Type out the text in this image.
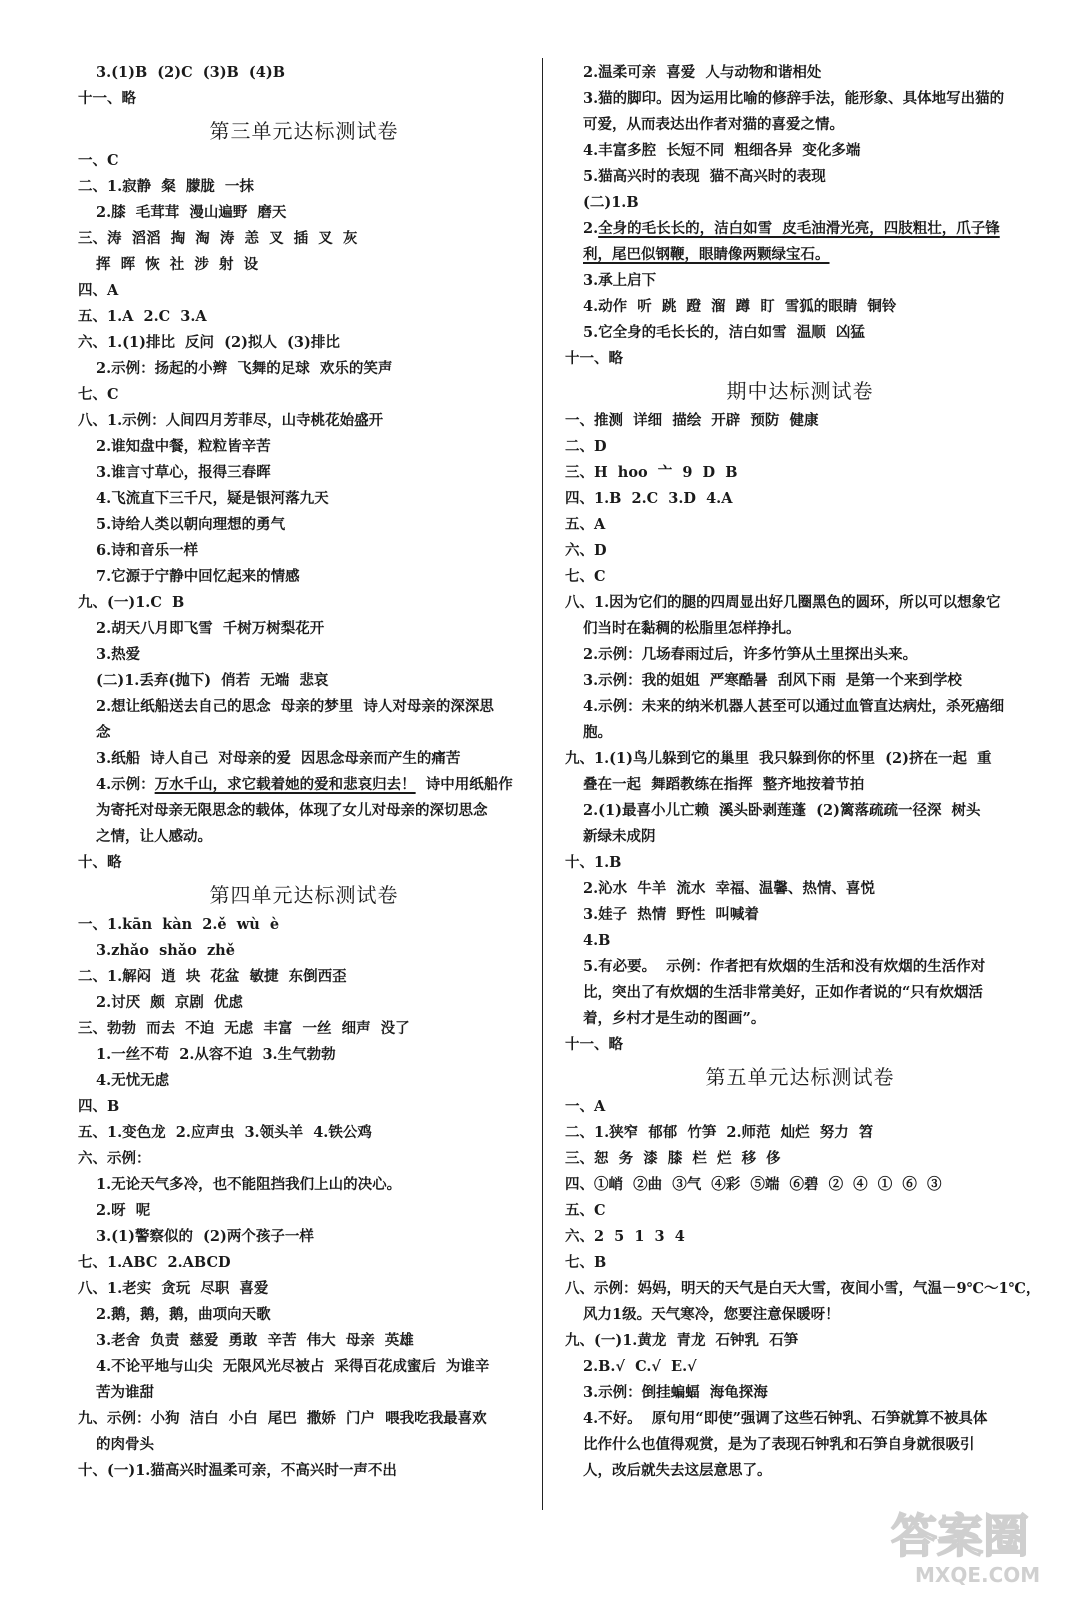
3.(1)B  (2)C  (3)B  (4)B
十一、略
第三单元达标测试卷
一、C
二、1.寂静  粲  朦胧  一抹
2.膝  毛茸茸  漫山遍野  磨天
三、涛  滔滔  掏  淘  涛  恙  叉  插  叉  灰
挥  晖  恢  社  涉  射  设
四、A
五、1.A  2.C  3.A
六、1.(1)排比  反问  (2)拟人  (3)排比
2.示例：扬起的小辫  飞舞的足球  欢乐的笑声
七、C
八、1.示例：人间四月芳菲尽，山寺桃花始盛开
2.谁知盘中餐，粒粒皆辛苦
3.谁言寸草心，报得三春晖
4.飞流直下三千尺，疑是银河落九天
5.诗给人类以朝向理想的勇气
6.诗和音乐一样
7.它源于宁静中回忆起来的情感
九、(一)1.C  B
2.胡天八月即飞雪  千树万树梨花开
3.热爱
(二)1.丢弃(抛下)  俏若  无端  悲哀
2.想让纸船送去自己的思念  母亲的梦里  诗人对母亲的深深思
念
3.纸船  诗人自己  对母亲的爱  因思念母亲而产生的痛苦
4.示例：万水千山，求它载着她的爱和悲哀归去！  诗中用纸船作
为寄托对母亲无限思念的载体，体现了女儿对母亲的深切思念
之情，让人感动。
十、略
第四单元达标测试卷
一、1.kān  kàn  2.ě  wù  è
3.zhǎo  shǎo  zhě
二、1.解闷  逍  块  花盆  敏捷  东倒西歪
2.讨厌  颇  京剧  优虑
三、勃勃  而去  不迫  无虑  丰富  一丝  细声  没了
1.一丝不苟  2.从容不迫  3.生气勃勃
4.无忧无虑
四、B
五、1.变色龙  2.应声虫  3.领头羊  4.铁公鸡
六、示例：
1.无论天气多冷，也不能阻挡我们上山的决心。
2.呀  呢
3.(1)警察似的  (2)两个孩子一样
七、1.ABC  2.ABCD
八、1.老实  贪玩  尽职  喜爱
2.鹅，鹅，鹅，曲项向天歌
3.老舍  负责  慈爱  勇敢  辛苦  伟大  母亲  英雄
4.不论平地与山尖  无限风光尽被占  采得百花成蜜后  为谁辛
苦为谁甜
九、示例：小狗  洁白  小白  尾巴  撒娇  门户  喂我吃我最喜欢
的肉骨头
十、(一)1.猫高兴时温柔可亲，不高兴时一声不出
2.温柔可亲  喜爱  人与动物和谐相处
3.猫的脚印。因为运用比喻的修辞手法，能形象、具体地写出猫的
可爱，从而表达出作者对猫的喜爱之情。
4.丰富多腔  长短不同  粗细各异  变化多端
5.猫高兴时的表现  猫不高兴时的表现
(二)1.B
2.全身的毛长长的，洁白如雪  皮毛油滑光亮，四肢粗壮，爪子锋
利，尾巴似钢鞭，眼睛像两颗绿宝石。
3.承上启下
4.动作  听  跳  蹬  溜  蹲  盯  雪狐的眼睛  铜铃
5.它全身的毛长长的，洁白如雪  温顺  凶猛
十一、略
期中达标测试卷
一、推测  详细  描绘  开辟  预防  健康
二、D
三、H  hoo  亠  9  D  B
四、1.B  2.C  3.D  4.A
五、A
六、D
七、C
八、1.因为它们的腿的四周显出好几圈黑色的圆环，所以可以想象它
们当时在黏稠的松脂里怎样挣扎。
2.示例：几场春雨过后，许多竹笋从土里探出头来。
3.示例：我的姐姐  严寒酷暑  刮风下雨  是第一个来到学校
4.示例：未来的纳米机器人甚至可以通过血管直达病灶，杀死癌细
胞。
九、1.(1)鸟儿躲到它的巢里  我只躲到你的怀里  (2)挤在一起  重
叠在一起  舞蹈教练在指挥  整齐地按着节拍
2.(1)最喜小儿亡赖  溪头卧剥莲蓬  (2)篱落疏疏一径深  树头
新绿未成阴
十、1.B
2.沁水  牛羊  流水  幸福、温馨、热情、喜悦
3.娃子  热情  野性  叫喊着
4.B
5.有必要。  示例：作者把有炊烟的生活和没有炊烟的生活作对
比，突出了有炊烟的生活非常美好，正如作者说的“只有炊烟活
着，乡村才是生动的图画”。
十一、略
第五单元达标测试卷
一、A
二、1.狭窄  郁郁  竹笋  2.师范  灿烂  努力  笤
三、恕  务  漆  膝  栏  烂  移  侈
四、①峭  ②曲  ③气  ④彩  ⑤端  ⑥碧  ②  ④  ①  ⑥  ③
五、C
六、2  5  1  3  4
七、B
八、示例：妈妈，明天的天气是白天大雪，夜间小雪，气温－9℃～1℃，
风力1级。天气寒冷，您要注意保暖呀！
九、(一)1.黄龙  青龙  石钟乳  石笋
2.B.√  C.√  E.√
3.示例：倒挂蝙蝠  海龟探海
4.不好。  原句用“即使”强调了这些石钟乳、石笋就算不被具体
比作什么也值得观赏，是为了表现石钟乳和石笋自身就很吸引
人，改后就失去这层意思了。
答案圈
MXQE.COM
